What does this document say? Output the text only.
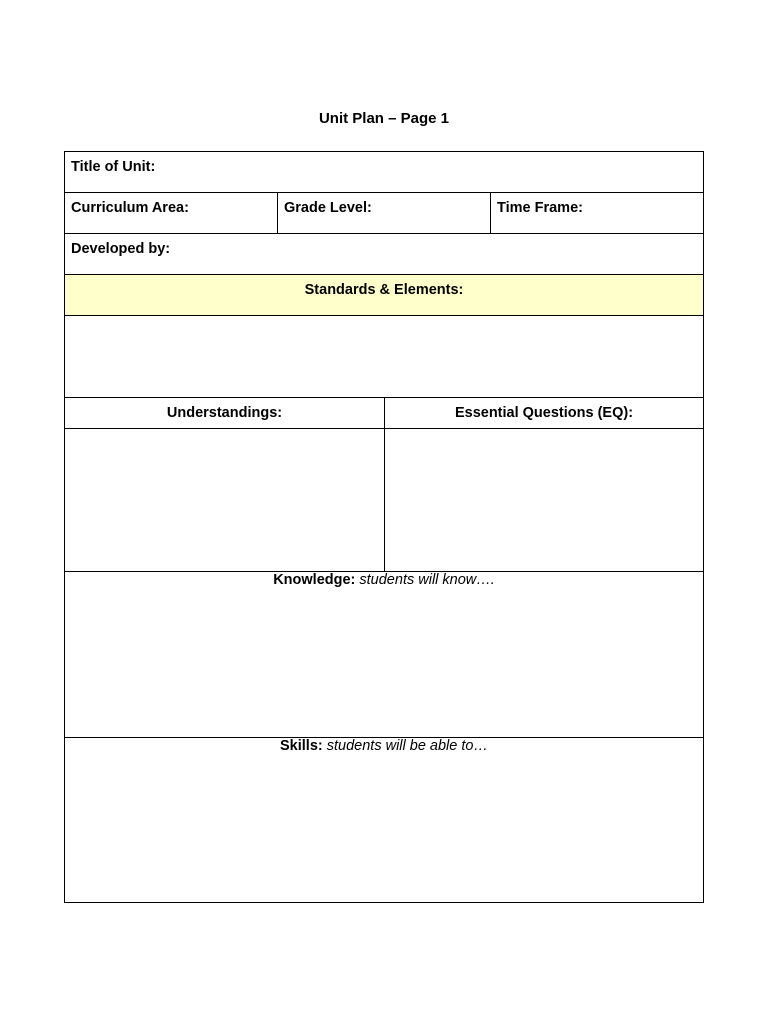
Unit Plan – Page 1
Title of Unit:
Curriculum Area:	Grade Level:	Time Frame:
Developed by:
Standards & Elements:
Understandings:	Essential Questions (EQ):
Knowledge: students will know….
Skills: students will be able to…
